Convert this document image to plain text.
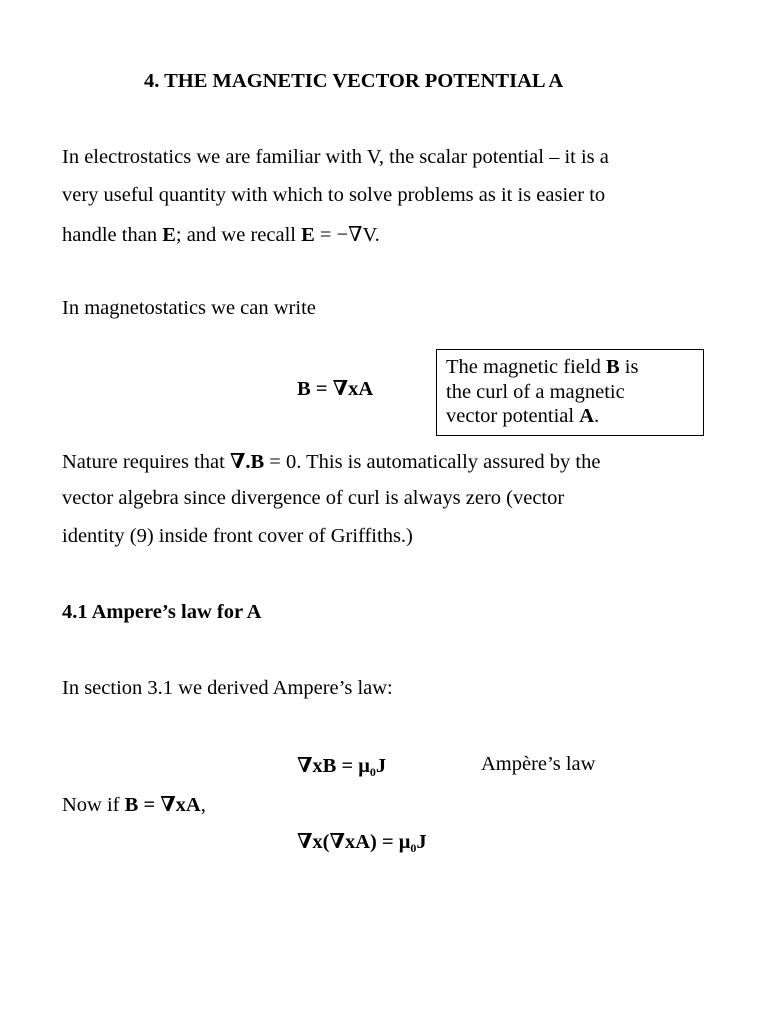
4. THE MAGNETIC VECTOR POTENTIAL A
In electrostatics we are familiar with V, the scalar potential – it is a
very useful quantity with which to solve problems as it is easier to
handle than E; and we recall E = −∇V.
In magnetostatics we can write
B = ∇xA
The magnetic field B is
the curl of a magnetic
vector potential A.
Nature requires that ∇.B = 0. This is automatically assured by the
vector algebra since divergence of curl is always zero (vector
identity (9) inside front cover of Griffiths.)
4.1 Ampere’s law for A
In section 3.1 we derived Ampere’s law:
∇xB = μ0J	Ampère’s law
Now if B = ∇xA,
∇x(∇xA) = μ0J
